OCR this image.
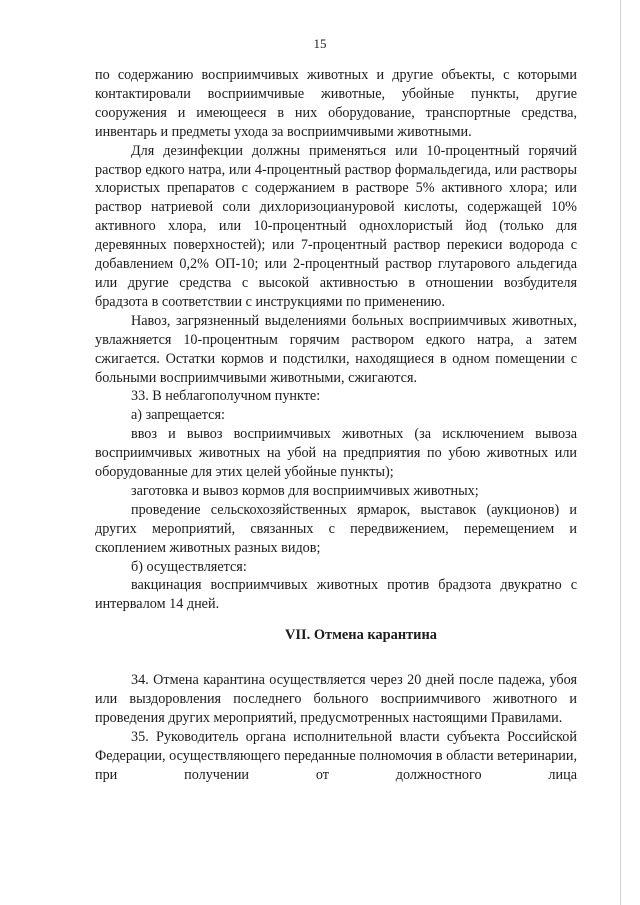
15

по содержанию восприимчивых животных и другие объекты, с которыми контактировали восприимчивые животные, убойные пункты, другие сооружения и имеющееся в них оборудование, транспортные средства, инвентарь и предметы ухода за восприимчивыми животными.

Для дезинфекции должны применяться или 10-процентный горячий раствор едкого натра, или 4-процентный раствор формальдегида, или растворы хлористых препаратов с содержанием в растворе 5% активного хлора; или раствор натриевой соли дихлоризоциануровой кислоты, содержащей 10% активного хлора, или 10-процентный однохлористый йод (только для деревянных поверхностей); или 7-процентный раствор перекиси водорода с добавлением 0,2% ОП-10; или 2-процентный раствор глутарового альдегида или другие средства с высокой активностью в отношении возбудителя брадзота в соответствии с инструкциями по применению.

Навоз, загрязненный выделениями больных восприимчивых животных, увлажняется 10-процентным горячим раствором едкого натра, а затем сжигается. Остатки кормов и подстилки, находящиеся в одном помещении с больными восприимчивыми животными, сжигаются.

33. В неблагополучном пункте:

а) запрещается:

ввоз и вывоз восприимчивых животных (за исключением вывоза восприимчивых животных на убой на предприятия по убою животных или оборудованные для этих целей убойные пункты);

заготовка и вывоз кормов для восприимчивых животных;

проведение сельскохозяйственных ярмарок, выставок (аукционов) и других мероприятий, связанных с передвижением, перемещением и скоплением животных разных видов;

б) осуществляется:

вакцинация восприимчивых животных против брадзота двукратно с интервалом 14 дней.

VII. Отмена карантина

34. Отмена карантина осуществляется через 20 дней после падежа, убоя или выздоровления последнего больного восприимчивого животного и проведения других мероприятий, предусмотренных настоящими Правилами.

35. Руководитель органа исполнительной власти субъекта Российской Федерации, осуществляющего переданные полномочия в области ветеринарии, при получении от должностного лица
